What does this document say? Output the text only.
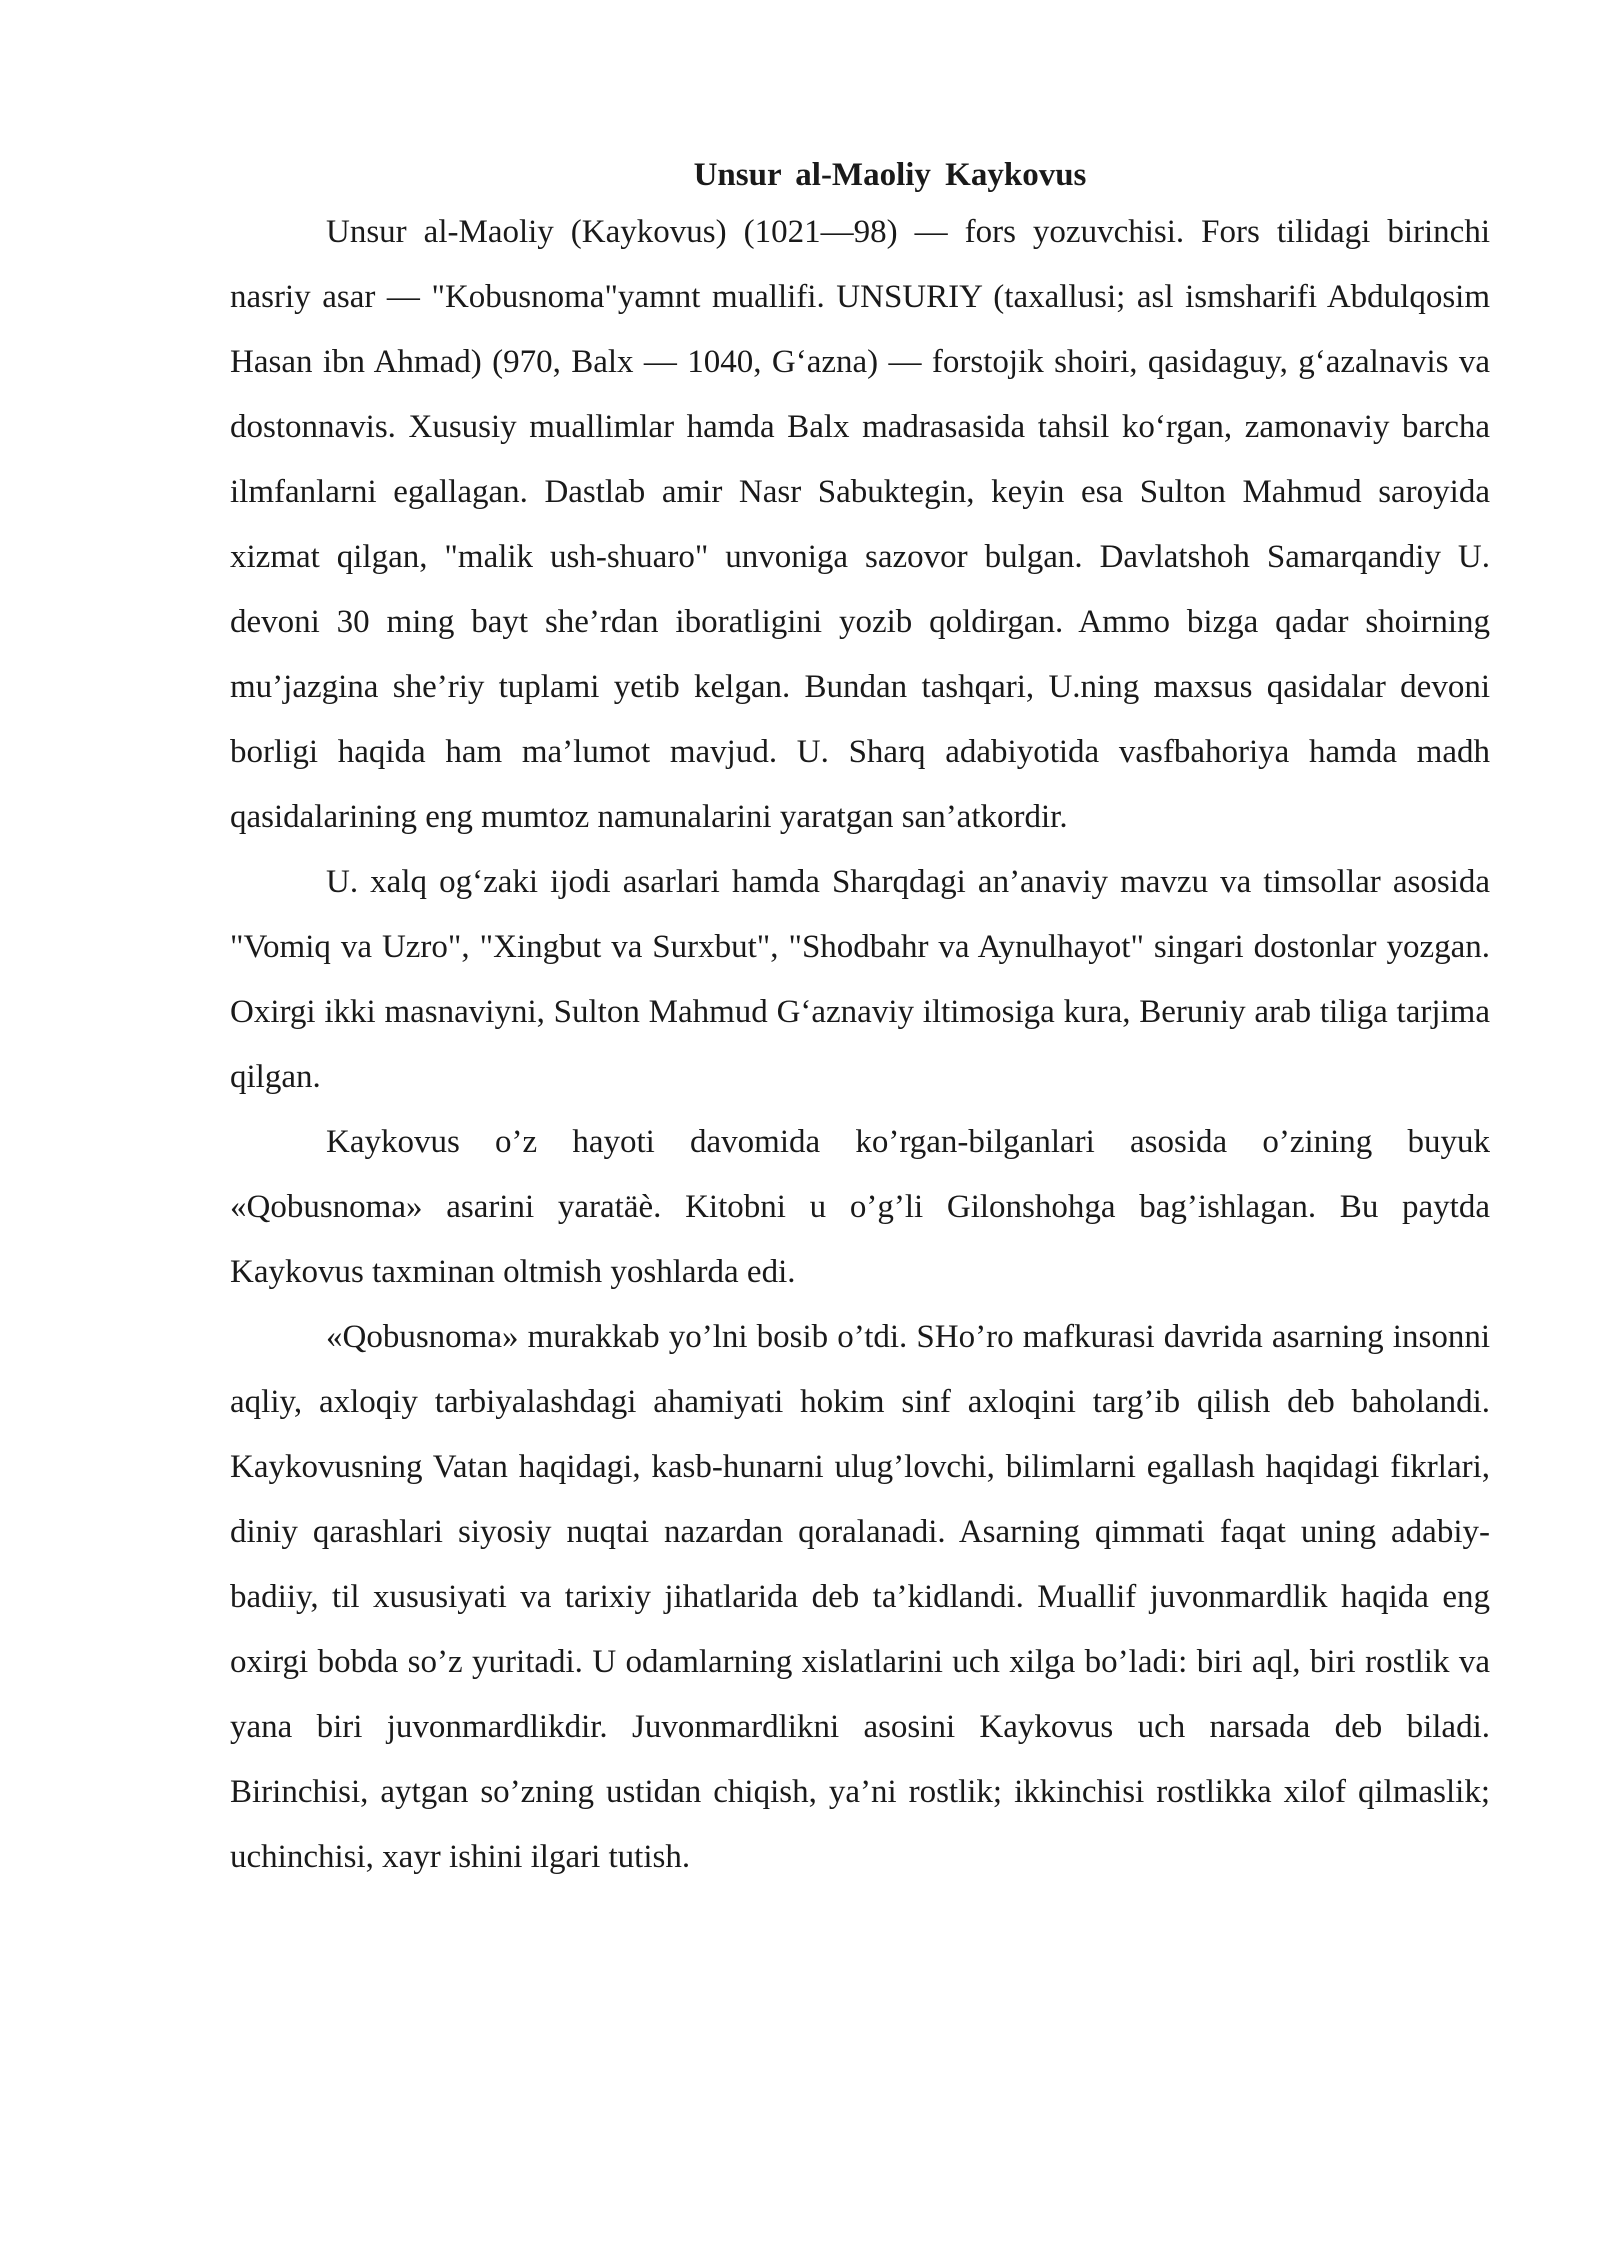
Unsur al-Maoliy Kaykovus

Unsur al-Maoliy (Kaykovus) (1021—98) — fors yozuvchisi. Fors tilidagi birinchi nasriy asar — "Kobusnoma"yamnt muallifi. UNSURIY (taxallusi; asl ismsharifi Abdulqosim Hasan ibn Ahmad) (970, Balx — 1040, G‘azna) — forstojik shoiri, qasidaguy, g‘azalnavis va dostonnavis. Xususiy muallimlar hamda Balx madrasasida tahsil ko‘rgan, zamonaviy barcha ilmfanlarni egallagan. Dastlab amir Nasr Sabuktegin, keyin esa Sulton Mahmud saroyida xizmat qilgan, "malik ush-shuaro" unvoniga sazovor bulgan. Davlatshoh Samarqandiy U. devoni 30 ming bayt she’rdan iboratligini yozib qoldirgan. Ammo bizga qadar shoirning mu’jazgina she’riy tuplami yetib kelgan. Bundan tashqari, U.ning maxsus qasidalar devoni borligi haqida ham ma’lumot mavjud. U. Sharq adabiyotida vasfbahoriya hamda madh qasidalarining eng mumtoz namunalarini yaratgan san’atkordir.

U. xalq og‘zaki ijodi asarlari hamda Sharqdagi an’anaviy mavzu va timsollar asosida "Vomiq va Uzro", "Xingbut va Surxbut", "Shodbahr va Aynulhayot" singari dostonlar yozgan. Oxirgi ikki masnaviyni, Sulton Mahmud G‘aznaviy iltimosiga kura, Beruniy arab tiliga tarjima qilgan.

Kaykovus o’z hayoti davomida ko’rgan-bilganlari asosida o’zining buyuk «Qobusnoma» asarini yaratäè. Kitobni u o’g’li Gilonshohga bag’ishlagan. Bu paytda Kaykovus taxminan oltmish yoshlarda edi.

«Qobusnoma» murakkab yo’lni bosib o’tdi. SHo’ro mafkurasi davrida asarning insonni aqliy, axloqiy tarbiyalashdagi ahamiyati hokim sinf axloqini targ’ib qilish deb baholandi. Kaykovusning Vatan haqidagi, kasb-hunarni ulug’lovchi, bilimlarni egallash haqidagi fikrlari, diniy qarashlari siyosiy nuqtai nazardan qoralanadi. Asarning qimmati faqat uning adabiy-badiiy, til xususiyati va tarixiy jihatlarida deb ta’kidlandi. Muallif juvonmardlik haqida eng oxirgi bobda so’z yuritadi. U odamlarning xislatlarini uch xilga bo’ladi: biri aql, biri rostlik va yana biri juvonmardlikdir. Juvonmardlikni asosini Kaykovus uch narsada deb biladi. Birinchisi, aytgan so’zning ustidan chiqish, ya’ni rostlik; ikkinchisi rostlikka xilof qilmaslik; uchinchisi, xayr ishini ilgari tutish.
